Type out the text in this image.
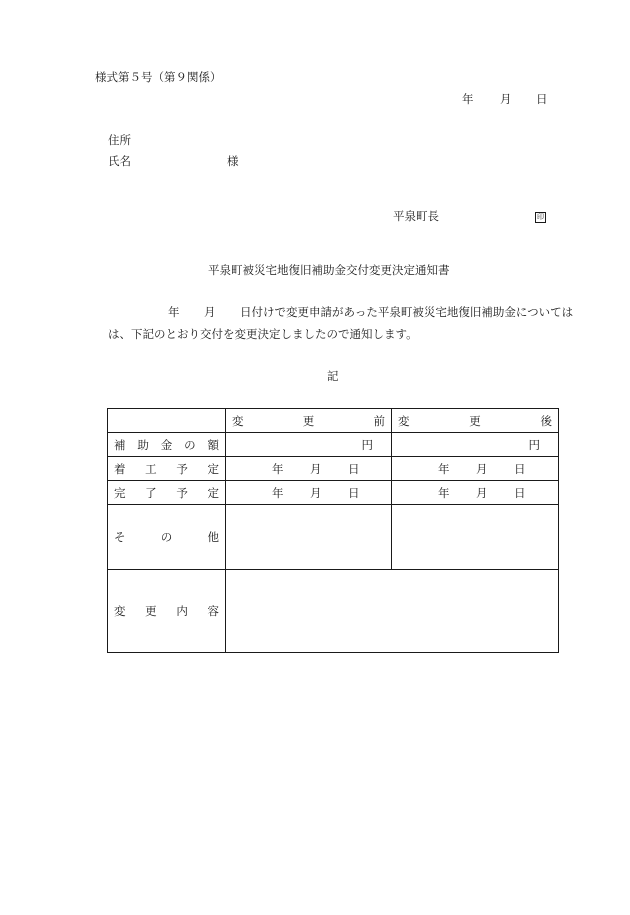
様式第５号（第９関係）
年 月 日
住所
氏名	様
平泉町長	印
平泉町被災宅地復旧補助金交付変更決定通知書
年 月 日付けで変更申請があった平泉町被災宅地復旧補助金については
は、下記のとおり交付を変更決定しましたので通知します。
記

	変 更 前	変 更 後

補 助 金 の 額	円	円

着 工 予 定	年 月 日	年 月 日

完 了 予 定	年 月 日	年 月 日

そ の 他		

変 更 内 容		
